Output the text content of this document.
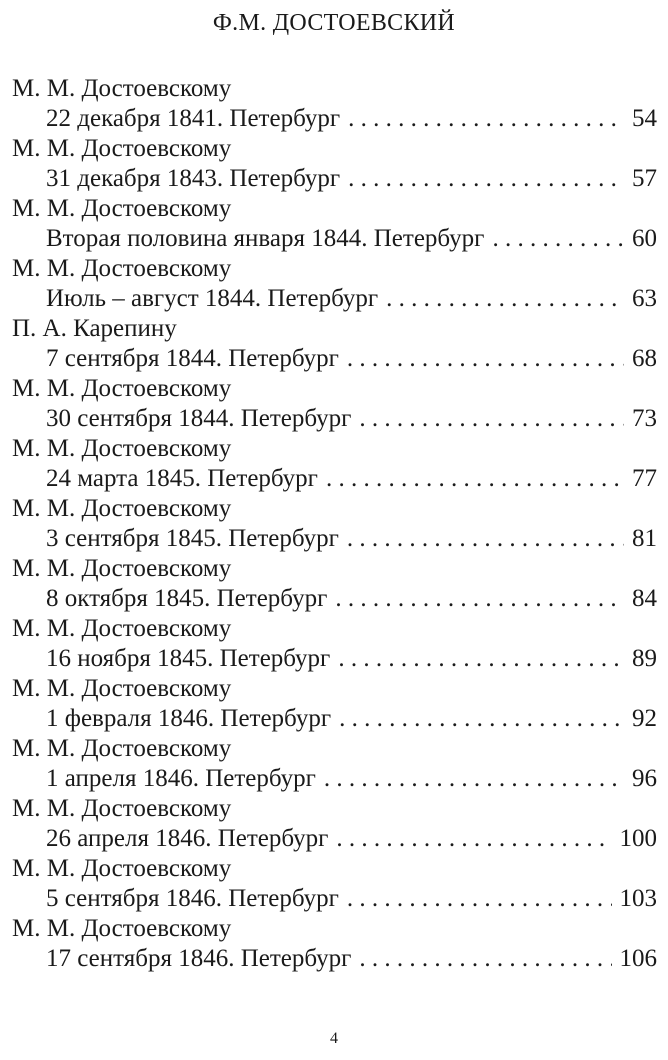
Ф.М. ДОСТОЕВСКИЙ
М. М. Достоевскому
22 декабря 1841. Петербург . . .	54
М. М. Достоевскому
31 декабря 1843. Петербург . . .	57
М. М. Достоевскому
Вторая половина января 1844. Петербург . . .	60
М. М. Достоевскому
Июль – август 1844. Петербург . . .	63
П. А. Карепину
7 сентября 1844. Петербург . . .	68
М. М. Достоевскому
30 сентября 1844. Петербург . . .	73
М. М. Достоевскому
24 марта 1845. Петербург . . .	77
М. М. Достоевскому
3 сентября 1845. Петербург . . .	81
М. М. Достоевскому
8 октября 1845. Петербург . . .	84
М. М. Достоевскому
16 ноября 1845. Петербург . . .	89
М. М. Достоевскому
1 февраля 1846. Петербург . . .	92
М. М. Достоевскому
1 апреля 1846. Петербург . . .	96
М. М. Достоевскому
26 апреля 1846. Петербург . . .	100
М. М. Достоевскому
5 сентября 1846. Петербург . . .	103
М. М. Достоевскому
17 сентября 1846. Петербург . . .	106
4
